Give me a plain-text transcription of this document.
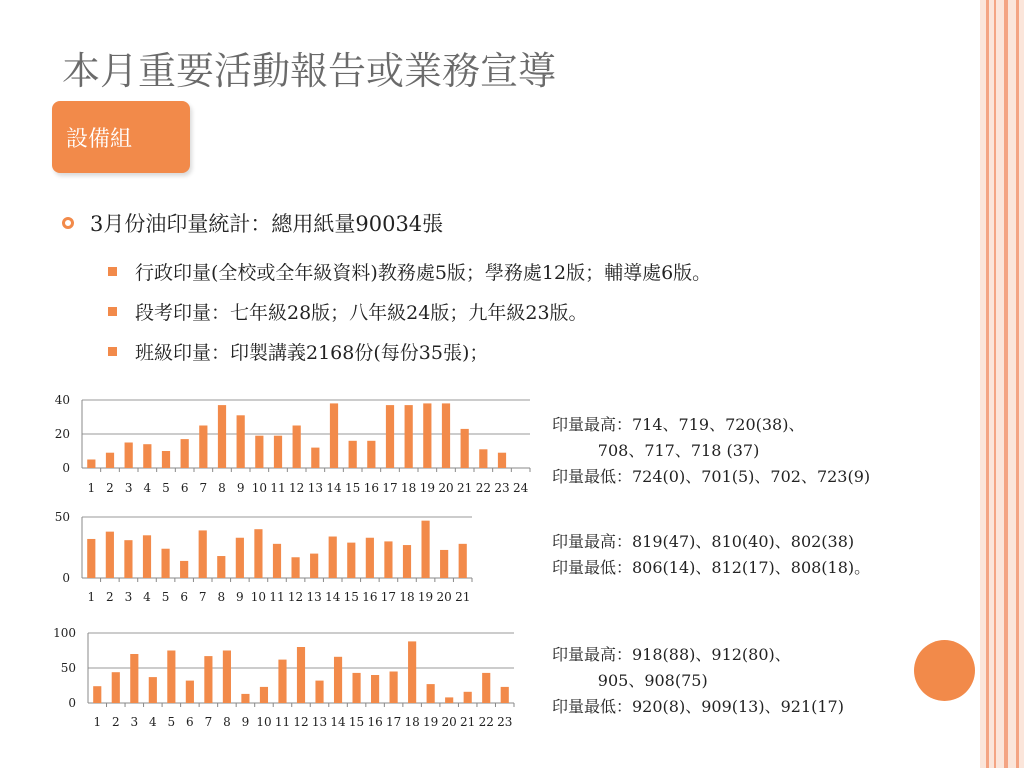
本月重要活動報告或業務宣導
設備組
3月份油印量統計：總用紙量90034張
行政印量(全校或全年級資料)教務處5版；學務處12版；輔導處6版。
段考印量：七年級28版；八年級24版；九年級23版。
班級印量：印製講義2168份(每份35張)；
0
20
40
1 2 3 4 5 6 7 8 9 10 11 12 13 14 15 16 17 18 19 20 21 22 23 24
0
50
1 2 3 4 5 6 7 8 9 10 11 12 13 14 15 16 17 18 19 20 21
0
50
100
1 2 3 4 5 6 7 8 9 10 11 12 13 14 15 16 17 18 19 20 21 22 23
印量最高：714、719、720(38)、
708、717、718 (37)
印量最低：724(0)、701(5)、702、723(9)
印量最高：819(47)、810(40)、802(38)
印量最低：806(14)、812(17)、808(18)。
印量最高：918(88)、912(80)、
905、908(75)
印量最低：920(8)、909(13)、921(17)
